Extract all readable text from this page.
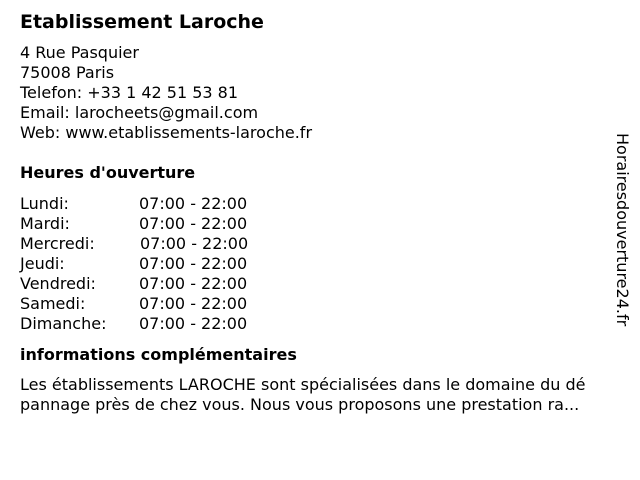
Etablissement Laroche
4 Rue Pasquier
75008 Paris
Telefon: +33 1 42 51 53 81
Email: larocheets@gmail.com
Web: www.etablissements-laroche.fr
Heures d'ouverture
Lundi:	07:00 - 22:00
Mardi:	07:00 - 22:00
Mercredi:	07:00 - 22:00
Jeudi:	07:00 - 22:00
Vendredi:	07:00 - 22:00
Samedi:	07:00 - 22:00
Dimanche: 07:00 - 22:00
informations complémentaires
Les établissements LAROCHE sont spécialisées dans le domaine du dé
pannage près de chez vous. Nous vous proposons une prestation ra...
Horairesdouverture24.fr
